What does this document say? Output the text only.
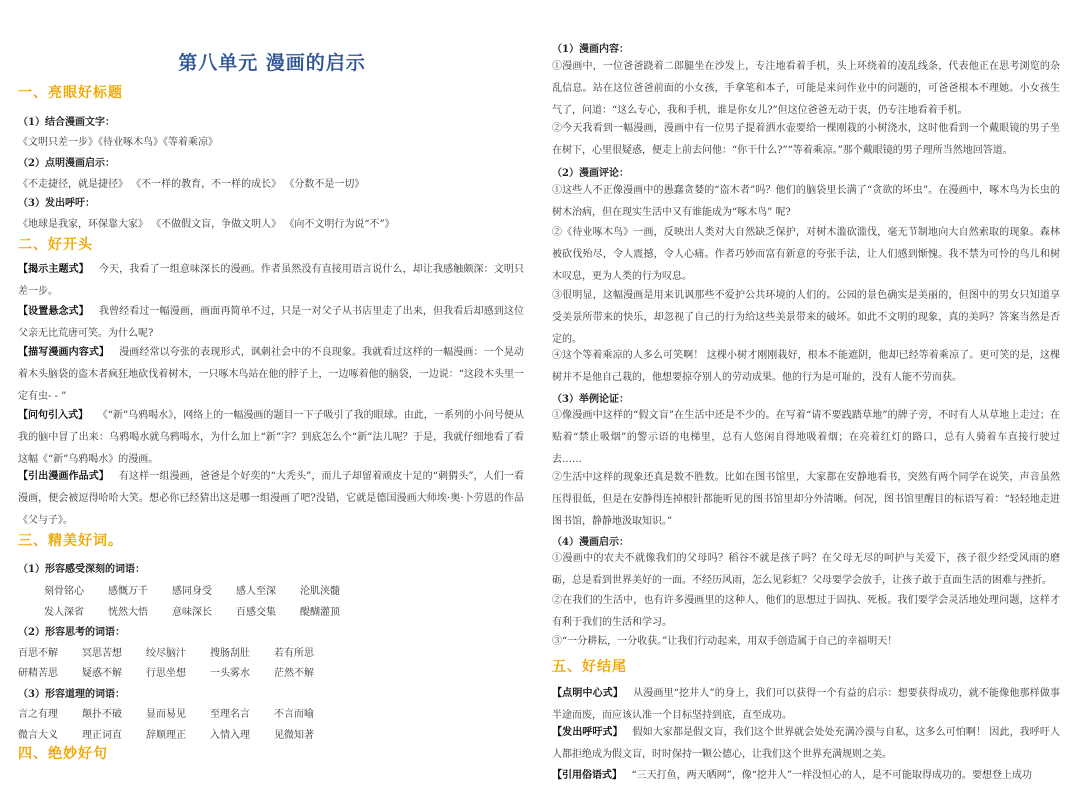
第八单元 漫画的启示
一、亮眼好标题
（1）结合漫画文字：
《文明只差一步》《待业啄木鸟》《等着乘凉》
（2）点明漫画启示：
《不走捷径，就是捷径》 《不一样的教育，不一样的成长》 《分数不是一切》
（3）发出呼吁：
《地球是我家，环保靠大家》 《不做假文盲，争做文明人》 《向不文明行为说“不”》
二、好开头
【揭示主题式】 今天，我看了一组意味深长的漫画。作者虽然没有直接用语言说什么，却让我感触颇深：文明只差一步。
【设置悬念式】 我曾经看过一幅漫画，画面再简单不过，只是一对父子从书店里走了出来，但我看后却感到这位父亲无比荒唐可笑。为什么呢?
【描写漫画内容式】 漫画经常以夸张的表现形式，讽刺社会中的不良现象。我就看过这样的一幅漫画：一个晃动着木头脑袋的盗木者疯狂地砍伐着树木，一只啄木鸟站在他的脖子上，一边啄着他的脑袋，一边说：“这段木头里一定有虫- - ”
【问句引入式】 《“新”乌鸦喝水》，网络上的一幅漫画的题目一下子吸引了我的眼球。由此，一系列的小问号便从我的脑中冒了出来：乌鸦喝水就乌鸦喝水，为什么加上“新”字？到底怎么个“新”法儿呢？于是，我就仔细地看了看这幅《“新”乌鸦喝水》的漫画。
【引出漫画作品式】 有这样一组漫画，爸爸是个好奕的“大秃头”，而儿子却留着顽皮十足的“刺猬头”，人们一看漫画，便会被逗得哈哈大笑。想必你已经猜出这是哪一组漫画了吧?没错，它就是德国漫画大师埃·奥·卜劳恩的作品《父与子》。
三、精美好词。
（1）形容感受深刻的词语：
刻骨铭心 感慨万千 感同身受 感人至深 沦肌浃髓
发人深省 恍然大悟 意味深长 百感交集 醍醐灌顶
（2）形容思考的词语：
百思不解 冥思苦想 绞尽脑汁 搜肠刮肚 若有所思
研精苦思 疑惑不解 行思坐想 一头雾水 茫然不解
（3）形容道理的词语：
言之有理 颠扑不破 显而易见 至理名言 不言而喻
微言大义 理正词直 辞顺理正 入情入理 见微知著
四、绝妙好句
（1）漫画内容：
①漫画中，一位爸爸跷着二郎腿坐在沙发上，专注地看着手机，头上环绕着的凌乱线条，代表他正在思考浏览的杂乱信息。站在这位爸爸前面的小女孩，手拿笔和本子，可能是来问作业中的问题的，可爸爸根本不理她。小女孩生气了，问道：“这么专心，我和手机，谁是你女儿?”但这位爸爸无动于衷，仍专注地看着手机。
②今天我看到一幅漫画，漫画中有一位男子提着洒水壶要给一棵刚栽的小树浇水，这时他看到一个戴眼镜的男子坐在树下，心里很疑惑，便走上前去问他：“你干什么?”“等着乘凉。”那个戴眼镜的男子理所当然地回答道。
（2）漫画评论：
①这些人不正像漫画中的愚蠢贪婪的“盗木者”吗？他们的脑袋里长满了“贪欲的坏虫”。在漫画中，啄木鸟为长虫的树木治病，但在现实生活中又有谁能成为“啄木鸟” 呢?
②《待业啄木鸟》一画，反映出人类对大自然缺乏保护，对树木滥砍滥伐，毫无节制地向大自然索取的现象。森林被砍伐殆尽，令人震撼，令人心痛。作者巧妙而富有新意的夸张手法，让人们感到惭愧。我不禁为可怜的鸟儿和树木叹息，更为人类的行为叹息。
③很明显，这幅漫画是用来讥讽那些不爱护公共环境的人们的。公园的景色确实是美丽的，但图中的男女只知道享受美景所带来的快乐，却忽视了自己的行为给这些美景带来的破坏。如此不文明的现象，真的美吗？答案当然是否定的。
④这个等着乘凉的人多么可笑啊！ 这棵小树才刚刚栽好，根本不能遮阴，他却已经等着乘凉了。更可笑的是，这棵树并不是他自己栽的，他想要掠夺别人的劳动成果。他的行为是可耻的，没有人能不劳而获。
（3）举例论证：
①像漫画中这样的“假文盲”在生活中还是不少的。在写着“请不要践踏草地”的牌子旁，不时有人从草地上走过；在贴着“禁止吸烟”的警示语的电梯里，总有人悠闲自得地吸着烟；在亮着红灯的路口，总有人骑着车直接行驶过去……
②生活中这样的现象还真是数不胜数。比如在图书馆里，大家都在安静地看书，突然有两个同学在说笑，声音虽然压得很低，但是在安静得连掉根针都能听见的图书馆里却分外清晰。何况，图书馆里醒目的标语写着：“轻轻地走进图书馆，静静地汲取知识。”
（4）漫画启示：
①漫画中的农夫不就像我们的父母吗？稻谷不就是孩子吗？在父母无尽的呵护与关爱下，孩子很少经受风雨的磨砺，总是看到世界美好的一面。不经历风雨，怎么见彩虹？父母要学会放手，让孩子敢于直面生活的困难与挫折。
②在我们的生活中，也有许多漫画里的这种人，他们的思想过于固执、死板。我们要学会灵活地处理问题，这样才有利于我们的生活和学习。
③“一分耕耘，一分收获。”让我们行动起来，用双手创造属于自己的幸福明天！
五、好结尾
【点明中心式】 从漫画里“挖井人”的身上，我们可以获得一个有益的启示：想要获得成功，就不能像他那样做事半途而废，而应该认准一个目标坚持到底，直至成功。
【发出呼吁式】 假如大家都是假文盲，我们这个世界就会处处充满冷漠与自私，这多么可怕啊！ 因此，我呼吁人人都拒绝成为假文盲，时时保持一颗公德心，让我们这个世界充满规则之美。
【引用俗语式】 “三天打鱼，两天晒网”，像“挖井人”一样没恒心的人，是不可能取得成功的。要想登上成功
